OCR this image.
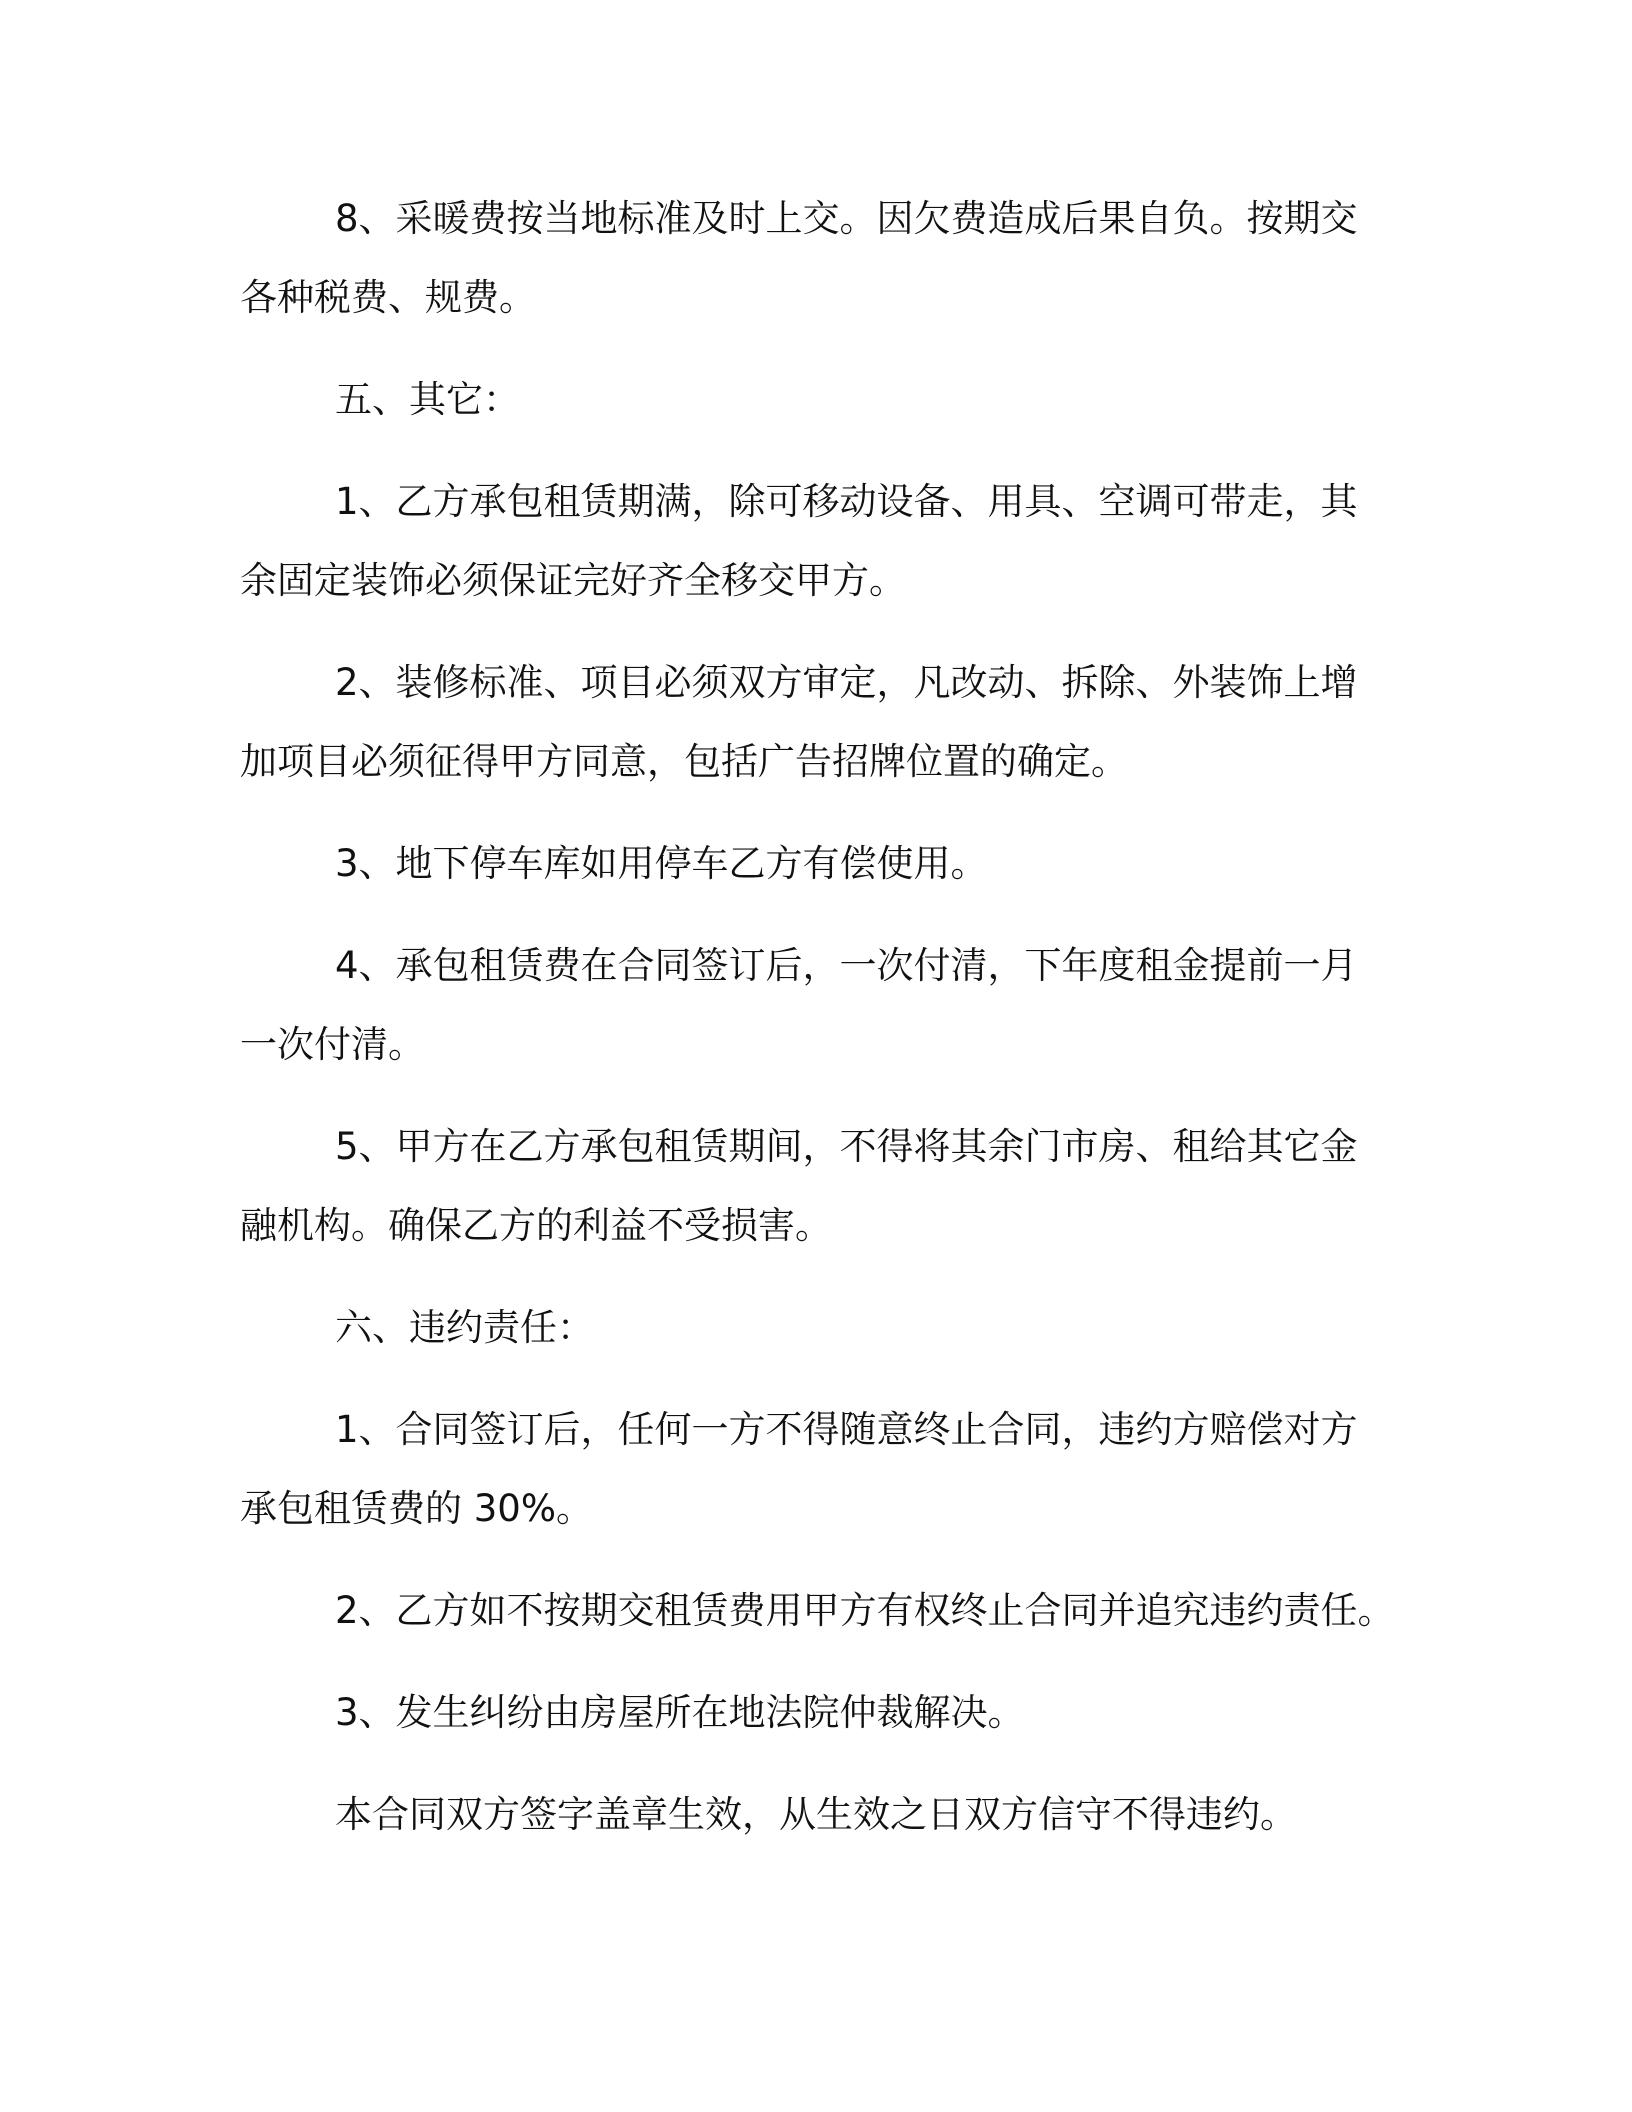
8、采暖费按当地标准及时上交。因欠费造成后果自负。按期交
各种税费、规费。
五、其它：
1、乙方承包租赁期满，除可移动设备、用具、空调可带走，其
余固定装饰必须保证完好齐全移交甲方。
2、装修标准、项目必须双方审定，凡改动、拆除、外装饰上增
加项目必须征得甲方同意，包括广告招牌位置的确定。
3、地下停车库如用停车乙方有偿使用。
4、承包租赁费在合同签订后，一次付清，下年度租金提前一月
一次付清。
5、甲方在乙方承包租赁期间，不得将其余门市房、租给其它金
融机构。确保乙方的利益不受损害。
六、违约责任：
1、合同签订后，任何一方不得随意终止合同，违约方赔偿对方
承包租赁费的 30%。
2、乙方如不按期交租赁费用甲方有权终止合同并追究违约责任。
3、发生纠纷由房屋所在地法院仲裁解决。
本合同双方签字盖章生效，从生效之日双方信守不得违约。
